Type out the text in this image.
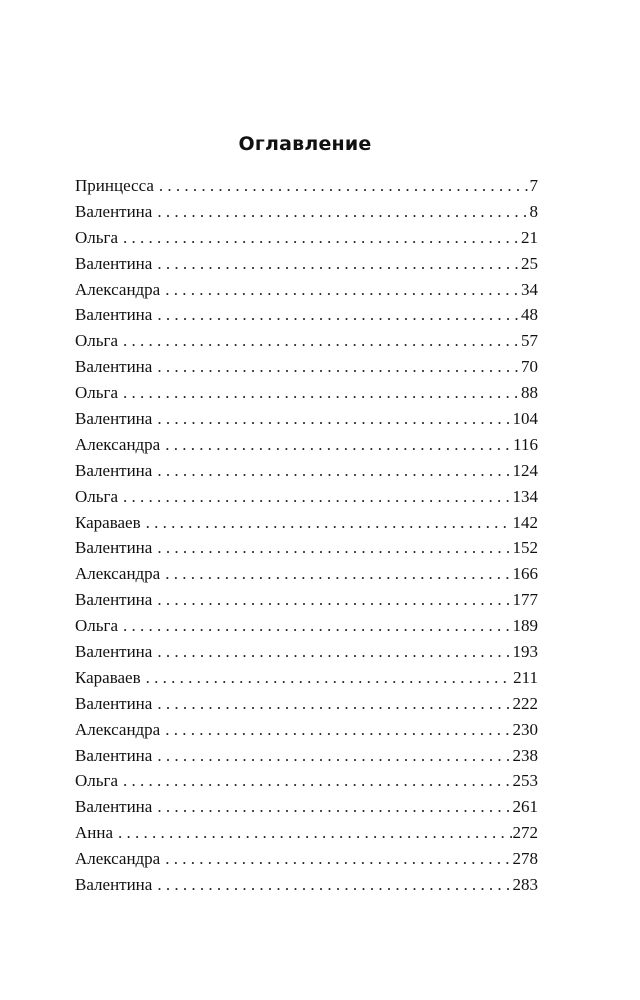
Оглавление
Принцесса . . .	7
Валентина . . .	8
Ольга . . .	21
Валентина . . .	25
Александра . . .	34
Валентина . . .	48
Ольга . . .	57
Валентина . . .	70
Ольга . . .	88
Валентина . . .	104
Александра . . .	116
Валентина . . .	124
Ольга . . .	134
Караваев . . .	142
Валентина . . .	152
Александра . . .	166
Валентина . . .	177
Ольга . . .	189
Валентина . . .	193
Караваев . . .	211
Валентина . . .	222
Александра . . .	230
Валентина . . .	238
Ольга . . .	253
Валентина . . .	261
Анна . . .	272
Александра . . .	278
Валентина . . .	283
